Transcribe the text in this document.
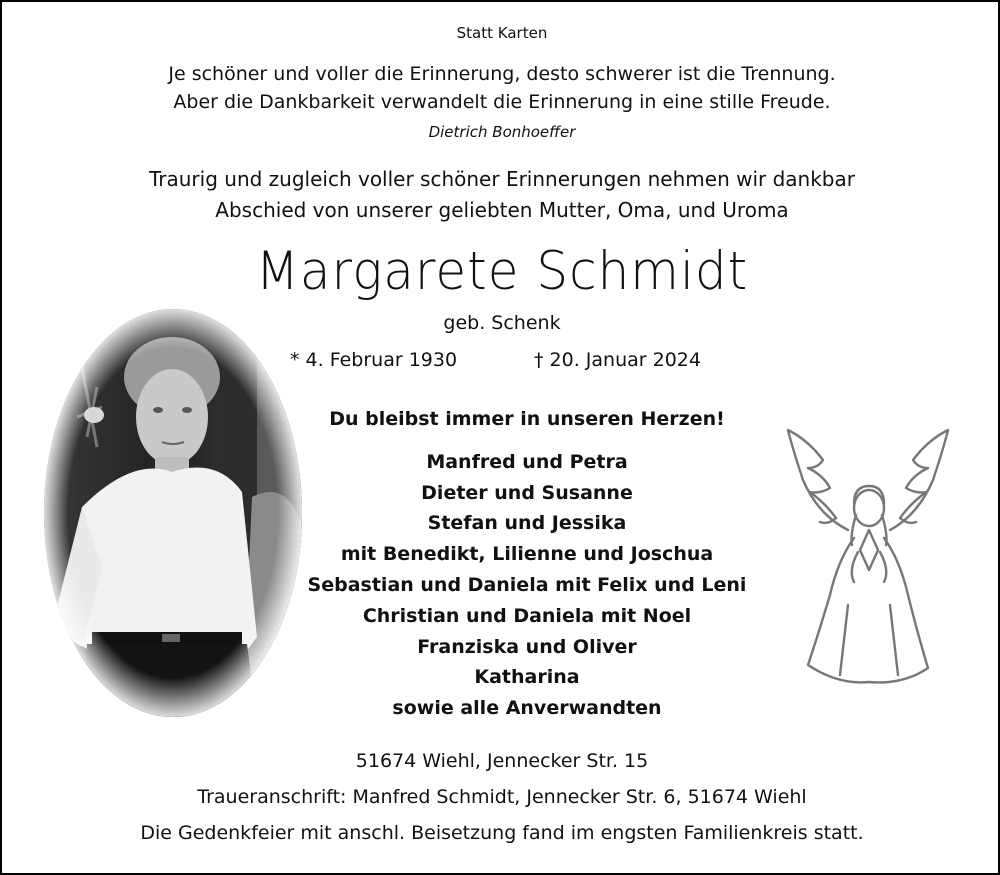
Statt Karten
Je schöner und voller die Erinnerung, desto schwerer ist die Trennung.
Aber die Dankbarkeit verwandelt die Erinnerung in eine stille Freude.
Dietrich Bonhoeffer
Traurig und zugleich voller schöner Erinnerungen nehmen wir dankbar
Abschied von unserer geliebten Mutter, Oma, und Uroma
Margarete Schmidt
geb. Schenk
* 4. Februar 1930	† 20. Januar 2024
Du bleibst immer in unseren Herzen!
Manfred und Petra
Dieter und Susanne
Stefan und Jessika
mit Benedikt, Lilienne und Joschua
Sebastian und Daniela mit Felix und Leni
Christian und Daniela mit Noel
Franziska und Oliver
Katharina
sowie alle Anverwandten
51674 Wiehl, Jennecker Str. 15
Traueranschrift: Manfred Schmidt, Jennecker Str. 6, 51674 Wiehl
Die Gedenkfeier mit anschl. Beisetzung fand im engsten Familienkreis statt.
